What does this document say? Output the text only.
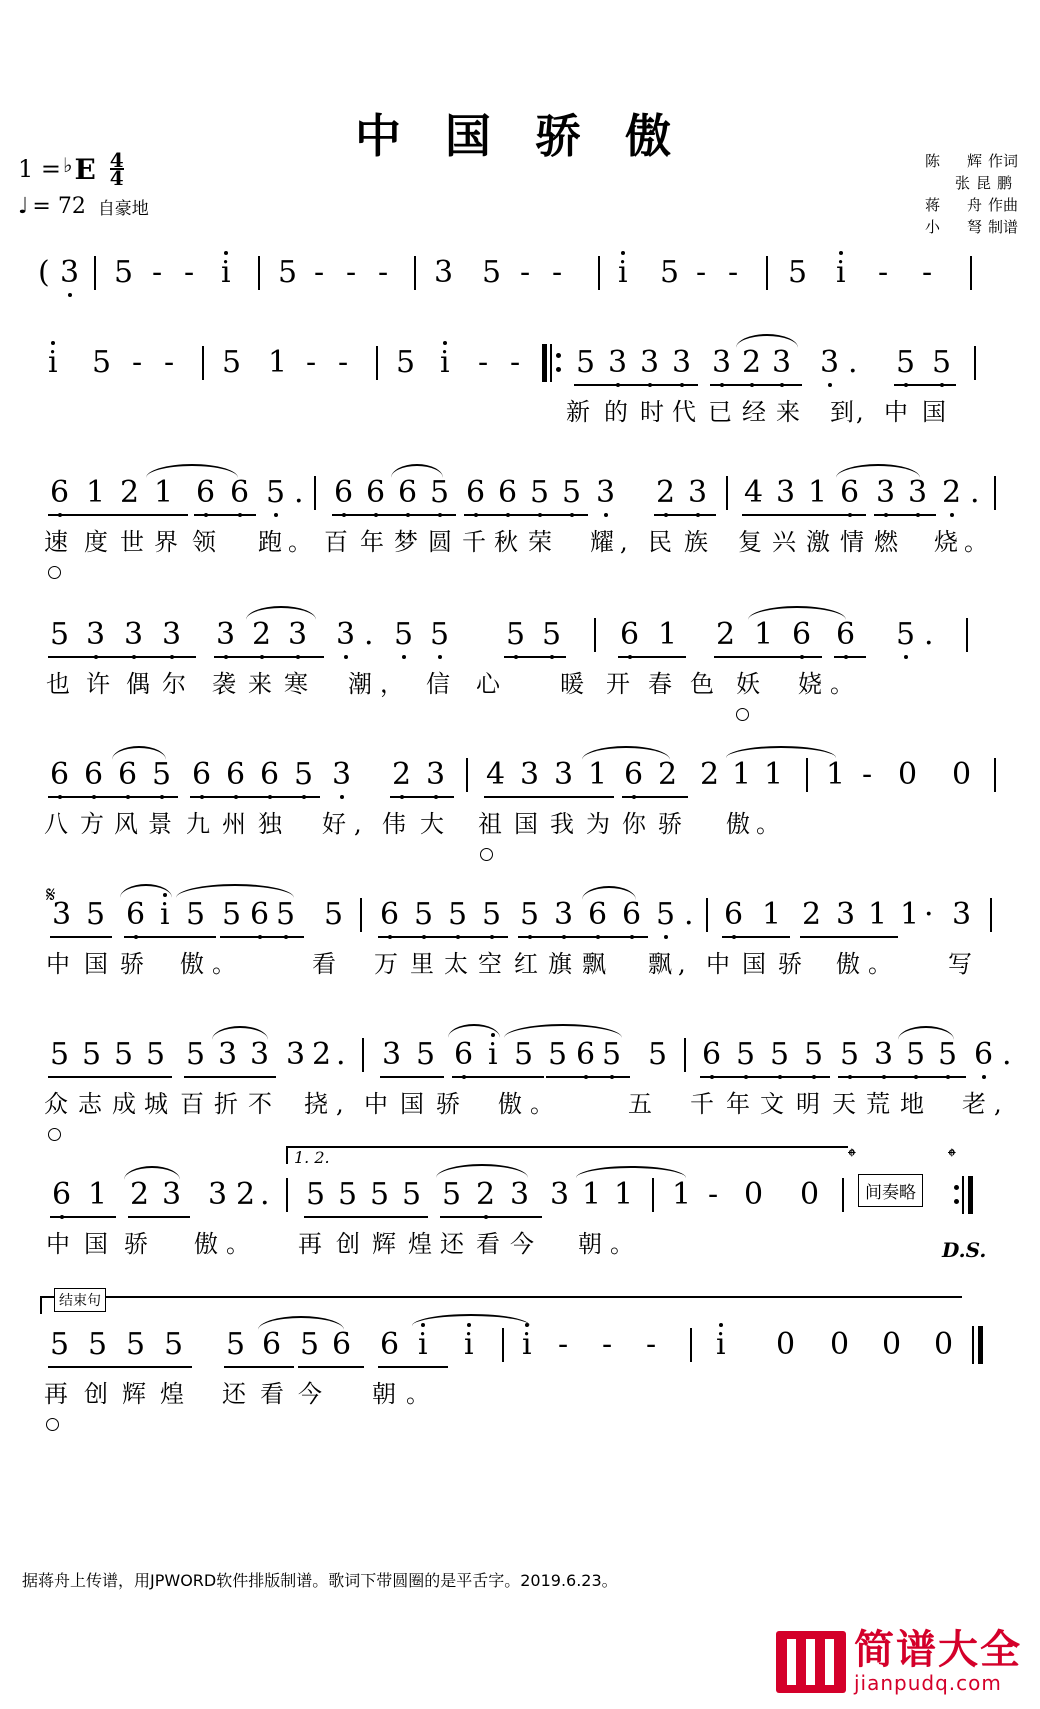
中 国 骄 傲	陈　辉作词
张昆鹏
蒋　舟作曲
小　弩制谱
1 = ♭ E $\frac{4}{4}$
♩ = 72 自豪地
( 3 5 - - i 5 - - - 3 5 - - i 5 - - 5 i - -
i 5 - - 5 1 - - 5 i - - 5 3 3 3 3 2 3 3 . 5 5
新 的 时 代 已 经 来 到 , 中 国
6 1 2 1 6 6 5 . 6 6 6 5 6 6 5 5 3 2 3 4 3 1 6 3 3 2 .
速 度 世 界 领 跑 。 百 年 梦 圆 千 秋 荣 耀 , 民 族 复 兴 激 情 燃 烧 。
5 3 3 3 3 2 3 3 . 5 5 5 5 6 1 2 1 6 6 5 .
也 许 偶 尔 袭 来 寒 潮 ， 信 心	暖 开 春 色 妖 娆 。
6 6 6 5 6 6 6 5 3 2 3 4 3 3 1 6 2 2 1 1 1 - 0 0
八 方 风 景 九 州 独 好 , 伟 大 祖 国 我 为 你 骄 傲 。
𝄋
3 5 6 i 5 5 6 5 5 6 5 5 5 5 3 6 6 5 . 6 1 2 3 1 1 · 3
中 国 骄 傲 。	看 万 里 太 空 红 旗 飘 飘 , 中 国 骄 傲 。 写
5 5 5 5 5 3 3 3 2 . 3 5 6 i 5 5 6 5 5 6 5 5 5 5 3 5 5 6 .
众 志 成 城 百 折 不 挠 , 中 国 骄 傲 。	五 千 年 文 明 天 荒 地 老 ,
1. 2.	𝄌	𝄌
6 1 2 3 3 2 . 5 5 5 5 5 2 3 3 1 1 1 - 0 0	间奏略
中 国 骄 傲 。 再 创 辉 煌 还 看 今 朝 。	D.S.
结束句
5 5 5 5 5 6 5 6 6 i i i - - - i 0 0 0 0
再 创 辉 煌 还 看 今 朝 。
据蒋舟上传谱，用JPWORD软件排版制谱。歌词下带圆圈的是平舌字。2019.6.23。
简谱大全
jianpudq.com
